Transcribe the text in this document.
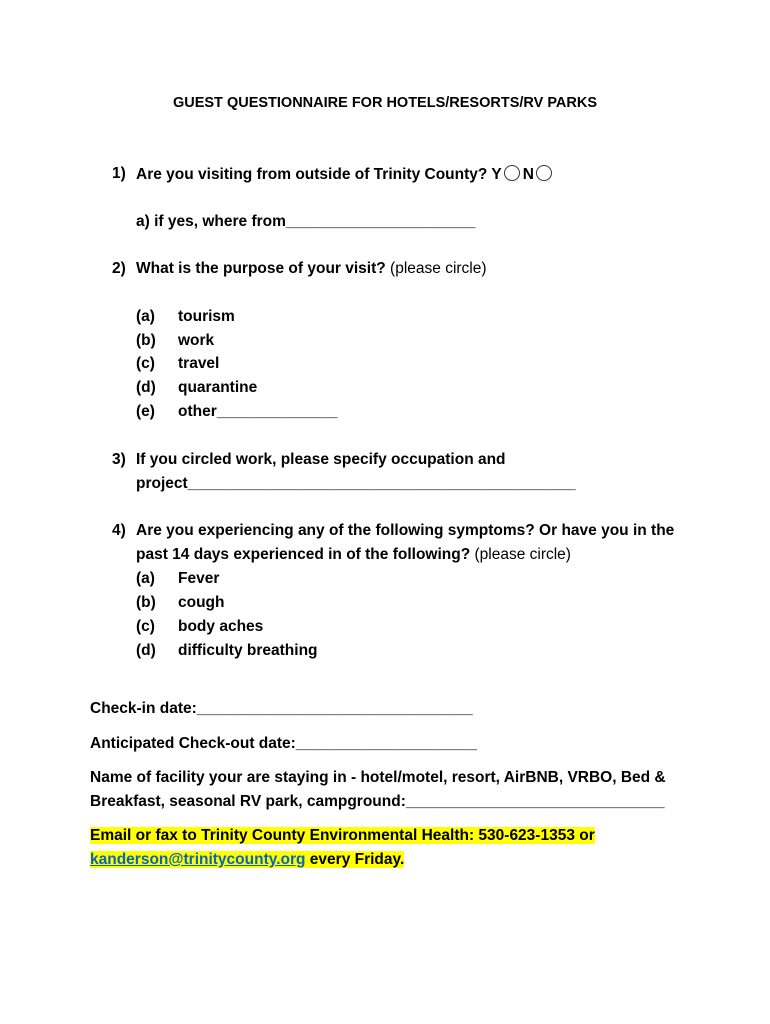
GUEST QUESTIONNAIRE FOR HOTELS/RESORTS/RV PARKS
1) Are you visiting from outside of Trinity County? Y N
a) if yes, where from______________________
2) What is the purpose of your visit? (please circle)
(a) tourism
(b) work
(c) travel
(d) quarantine
(e) other______________
3) If you circled work, please specify occupation and
project_____________________________________________
4) Are you experiencing any of the following symptoms? Or have you in the
past 14 days experienced in of the following? (please circle)
(a) Fever
(b) cough
(c) body aches
(d) difficulty breathing
Check-in date:________________________________
Anticipated Check-out date:_____________________
Name of facility your are staying in - hotel/motel, resort, AirBNB, VRBO, Bed &
Breakfast, seasonal RV park, campground:______________________________
Email or fax to Trinity County Environmental Health: 530-623-1353 or
kanderson@trinitycounty.org every Friday.
